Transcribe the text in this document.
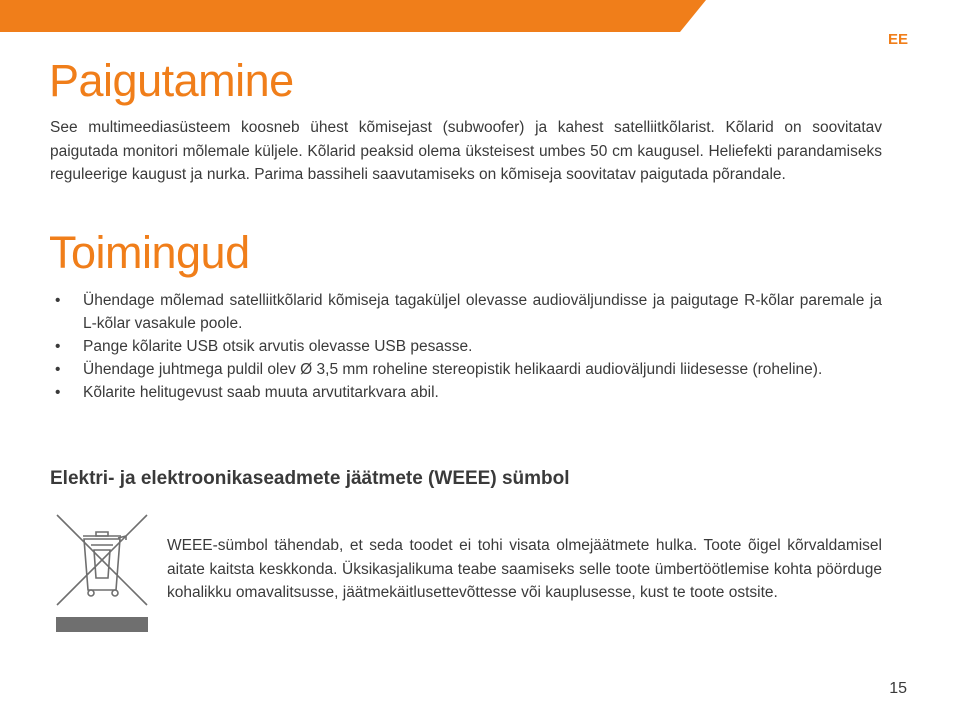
EE
Paigutamine

See multimeediasüsteem koosneb ühest kõmisejast (subwoofer) ja kahest satelliitkõlarist. Kõlarid on soovitatav paigutada monitori mõlemale küljele. Kõlarid peaksid olema üksteisest umbes 50 cm kaugusel. Heliefekti parandamiseks reguleerige kaugust ja nurka. Parima bassiheli saavutamiseks on kõmiseja soovitatav paigutada põrandale.

Toimingud
• Ühendage mõlemad satelliitkõlarid kõmiseja tagaküljel olevasse audioväljundisse ja paigutage R-kõlar paremale ja L-kõlar vasakule poole.
• Pange kõlarite USB otsik arvutis olevasse USB pesasse.
• Ühendage juhtmega puldil olev Ø 3,5 mm roheline stereopistik helikaardi audioväljundi liidesesse (roheline).
• Kõlarite helitugevust saab muuta arvutitarkvara abil.
Elektri- ja elektroonikaseadmete jäätmete (WEEE) sümbol

WEEE-sümbol tähendab, et seda toodet ei tohi visata olmejäätmete hulka. Toote õigel kõrvaldamisel aitate kaitsta keskkonda. Üksikasjalikuma teabe saamiseks selle toote ümbertöötlemise kohta pöörduge kohalikku omavalitsusse, jäätmekäitlusettevõttesse või kauplusesse, kust te toote ostsite.

15
